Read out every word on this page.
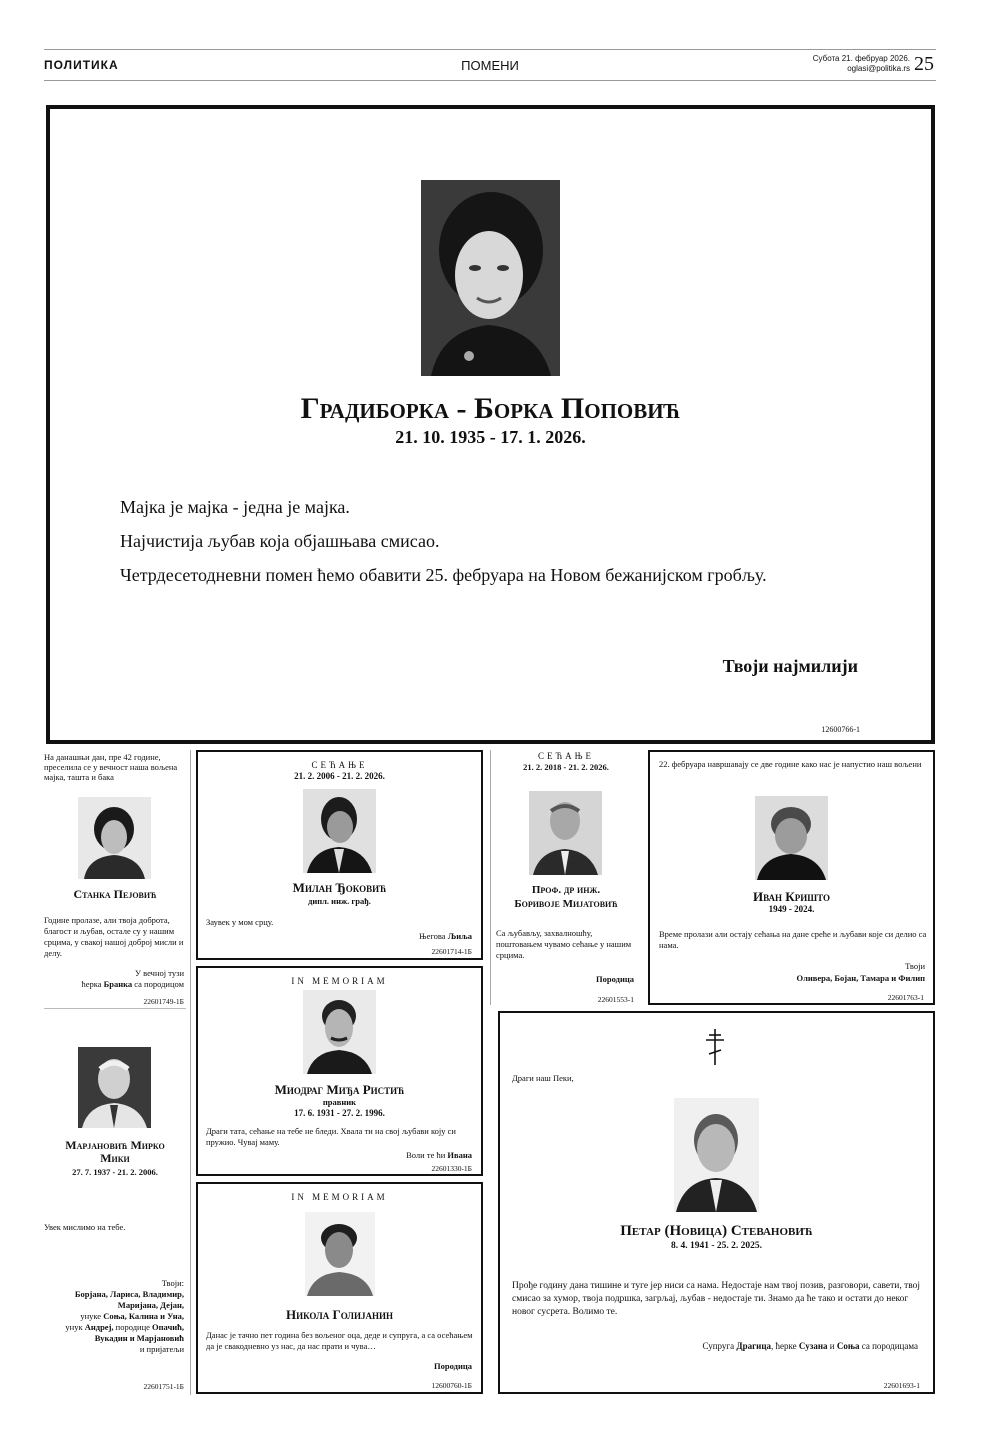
ПОЛИТИКА	ПОМЕНИ	Субота 21. фебруар 2026.
oglasi@politika.rs 25
Градиборка - Борка Поповић
21. 10. 1935 - 17. 1. 2026.
Мајка је мајка - једна је мајка.
Најчистија љубав која објашњава смисао.
Четрдесетодневни помен ћемо обавити 25. фебруара на Новом бежанијском гробљу.
Твоји најмилији
12600766-1
На данашњи дан, пре 42 године, преселила се у вечност наша вољена мајка, ташта и бака
Станка Пејовић
Године пролазе, али твоја доброта, благост и љубав, остале су у нашим срцима, у свакој нашој доброј мисли и делу.
У вечној тузи
ћерка Бранка са породицом
22601749-1Б
Марјановић Мирко
Мики
27. 7. 1937 - 21. 2. 2006.
Увек мислимо на тебе.
Твоји:
Борјана, Лариса, Владимир,
Маријана, Дејан,
унуке Соња, Калина и Уна,
унук Андреј, породице Опачић,
Вукадин и Марјановић
и пријатељи
22601751-1Б
СЕЋАЊЕ
21. 2. 2006 - 21. 2. 2026.
Милан Ђоковић
дипл. инж. грађ.
Заувек у мом срцу.
Његова Љиља
22601714-1Б
IN MEMORIAM
Миодраг Миђа Ристић
правник
17. 6. 1931 - 27. 2. 1996.
Драги тата, сећање на тебе не бледи. Хвала ти на свој љубави коју си пружио. Чувај маму.
Воли те ћи Ивана
22601330-1Б
IN MEMORIAM
Никола Голијанин
Данас је тачно пет година без вољеног оца, деде и супруга, а са осећањем да је свакодневно уз нас, да нас прати и чува…
Породица
12600760-1Б
СЕЋАЊЕ
21. 2. 2018 - 21. 2. 2026.
Проф. др инж.
Боривоје Мијатовић
Са љубављу, захвалношћу, поштовањем чувамо сећање у нашим срцима.
Породица
22601553-1
22. фебруара навршавају се две године како нас је напустио наш вољени
Иван Кришто
1949 - 2024.
Време пролази али остају сећања на дане среће и љубави које си делио са нама.
Твоји
Оливера, Бојан, Тамара и Филип
22601763-1
Драги наш Пеки,
Петар (Новица) Стевановић
8. 4. 1941 - 25. 2. 2025.
Прође годину дана тишине и туге јер ниси са нама. Недостаје нам твој позив, разговори, савети, твој смисао за хумор, твоја подршка, загрљај, љубав - недостаје ти. Знамо да ће тако и остати до неког новог сусрета. Волимо те.
Супруга Драгица, ћерке Сузана и Соња са породицама
22601693-1
